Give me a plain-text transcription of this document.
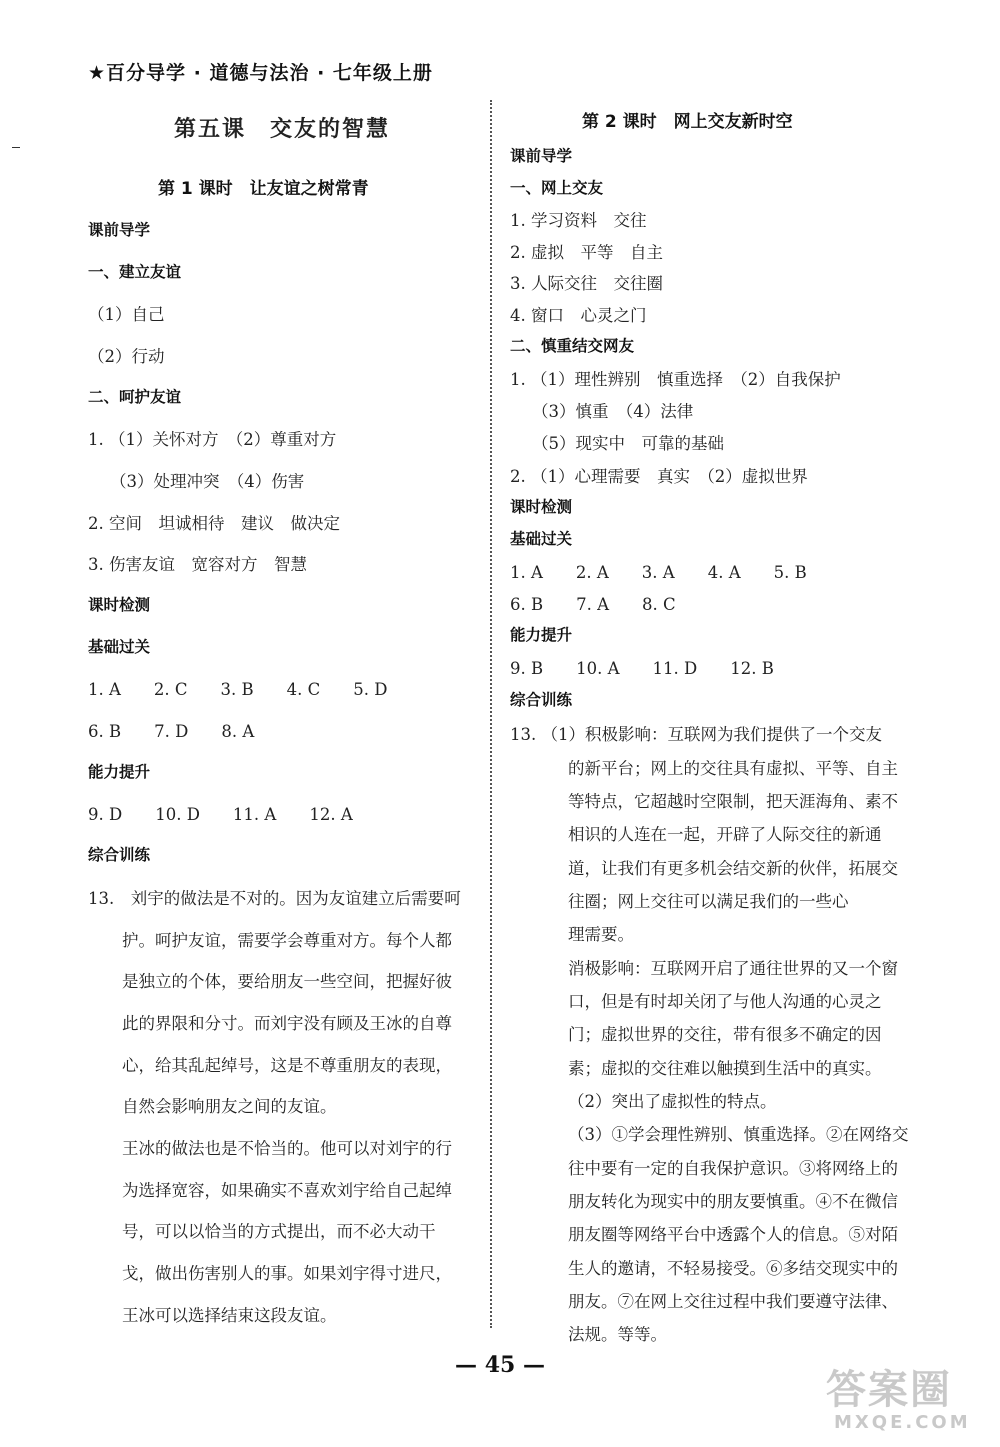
★百分导学 · 道德与法治 · 七年级上册
第五课　交友的智慧
第 1 课时　让友谊之树常青
课前导学
一、建立友谊
（1）自己
（2）行动
二、呵护友谊
1. （1）关怀对方　（2）尊重对方
（3）处理冲突　（4）伤害
2. 空间　坦诚相待　建议　做决定
3. 伤害友谊　宽容对方　智慧
课时检测
基础过关
1. A　　2. C　　3. B　　4. C　　5. D
6. B　　7. D　　8. A
能力提升
9. D　　10. D　　11. A　　12. A
综合训练
13.　刘宇的做法是不对的。因为友谊建立后需要呵
护。呵护友谊，需要学会尊重对方。每个人都
是独立的个体，要给朋友一些空间，把握好彼
此的界限和分寸。而刘宇没有顾及王冰的自尊
心，给其乱起绰号，这是不尊重朋友的表现，
自然会影响朋友之间的友谊。
王冰的做法也是不恰当的。他可以对刘宇的行
为选择宽容，如果确实不喜欢刘宇给自己起绰
号，可以以恰当的方式提出，而不必大动干
戈，做出伤害别人的事。如果刘宇得寸进尺，
王冰可以选择结束这段友谊。
第 2 课时　网上交友新时空
课前导学
一、网上交友
1. 学习资料　交往
2. 虚拟　平等　自主
3. 人际交往　交往圈
4. 窗口　心灵之门
二、慎重结交网友
1. （1）理性辨别　慎重选择　（2）自我保护
（3）慎重　（4）法律
（5）现实中　可靠的基础
2. （1）心理需要　真实　（2）虚拟世界
课时检测
基础过关
1. A　　2. A　　3. A　　4. A　　5. B
6. B　　7. A　　8. C
能力提升
9. B　　10. A　　11. D　　12. B
综合训练
13. （1）积极影响：互联网为我们提供了一个交友
的新平台；网上的交往具有虚拟、平等、自主
等特点，它超越时空限制，把天涯海角、素不
相识的人连在一起，开辟了人际交往的新通
道，让我们有更多机会结交新的伙伴，拓展交
往圈；网上交往可以满足我们的一些心
理需要。
消极影响：互联网开启了通往世界的又一个窗
口，但是有时却关闭了与他人沟通的心灵之
门；虚拟世界的交往，带有很多不确定的因
素；虚拟的交往难以触摸到生活中的真实。
（2）突出了虚拟性的特点。
（3）①学会理性辨别、慎重选择。②在网络交
往中要有一定的自我保护意识。③将网络上的
朋友转化为现实中的朋友要慎重。④不在微信
朋友圈等网络平台中透露个人的信息。⑤对陌
生人的邀请，不轻易接受。⑥多结交现实中的
朋友。⑦在网上交往过程中我们要遵守法律、
法规。等等。
— 45 —
答案圈
MXQE.COM
